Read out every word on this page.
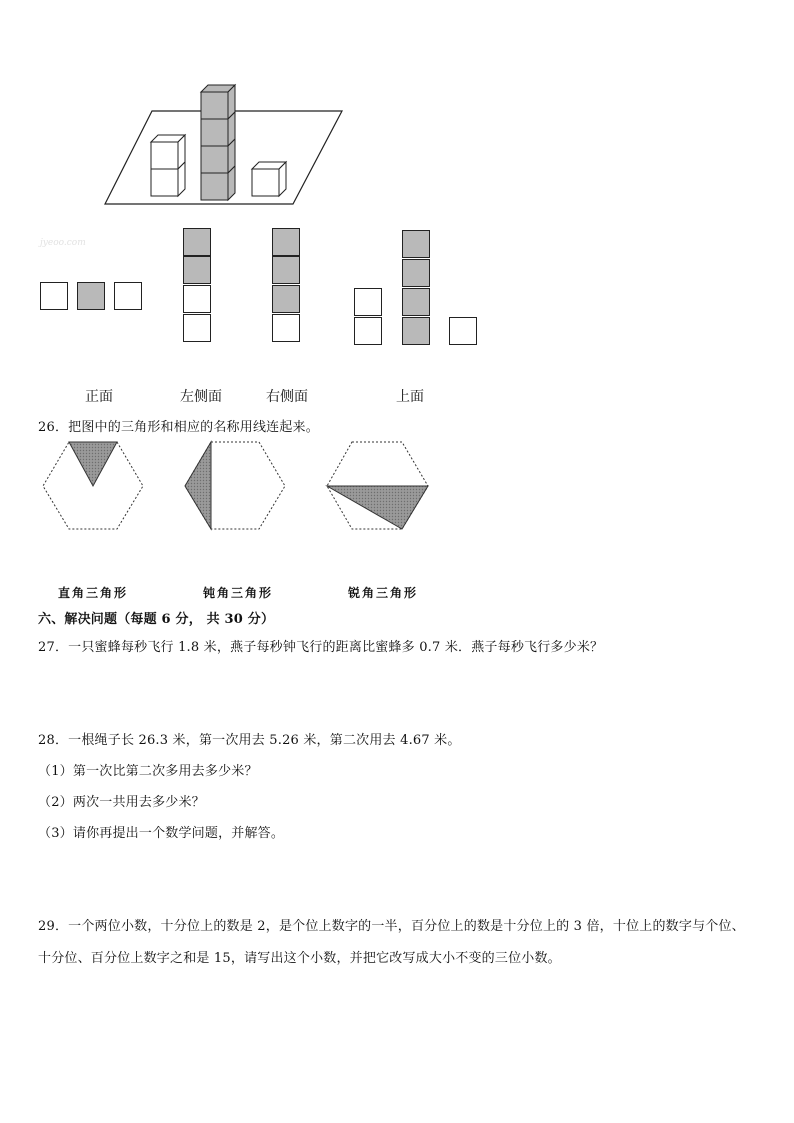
jyeoo.com
正面	左侧面	右侧面	上面
26．把图中的三角形和相应的名称用线连起来。
直角三角形	钝角三角形	锐角三角形
六、解决问题（每题 6 分， 共 30 分）
27．一只蜜蜂每秒飞行 1.8 米，燕子每秒钟飞行的距离比蜜蜂多 0.7 米．燕子每秒飞行多少米？
28．一根绳子长 26.3 米，第一次用去 5.26 米，第二次用去 4.67 米。
（1）第一次比第二次多用去多少米？
（2）两次一共用去多少米？
（3）请你再提出一个数学问题，并解答。
29．一个两位小数，十分位上的数是 2，是个位上数字的一半，百分位上的数是十分位上的 3 倍，十位上的数字与个位、
十分位、百分位上数字之和是 15，请写出这个小数，并把它改写成大小不变的三位小数。
